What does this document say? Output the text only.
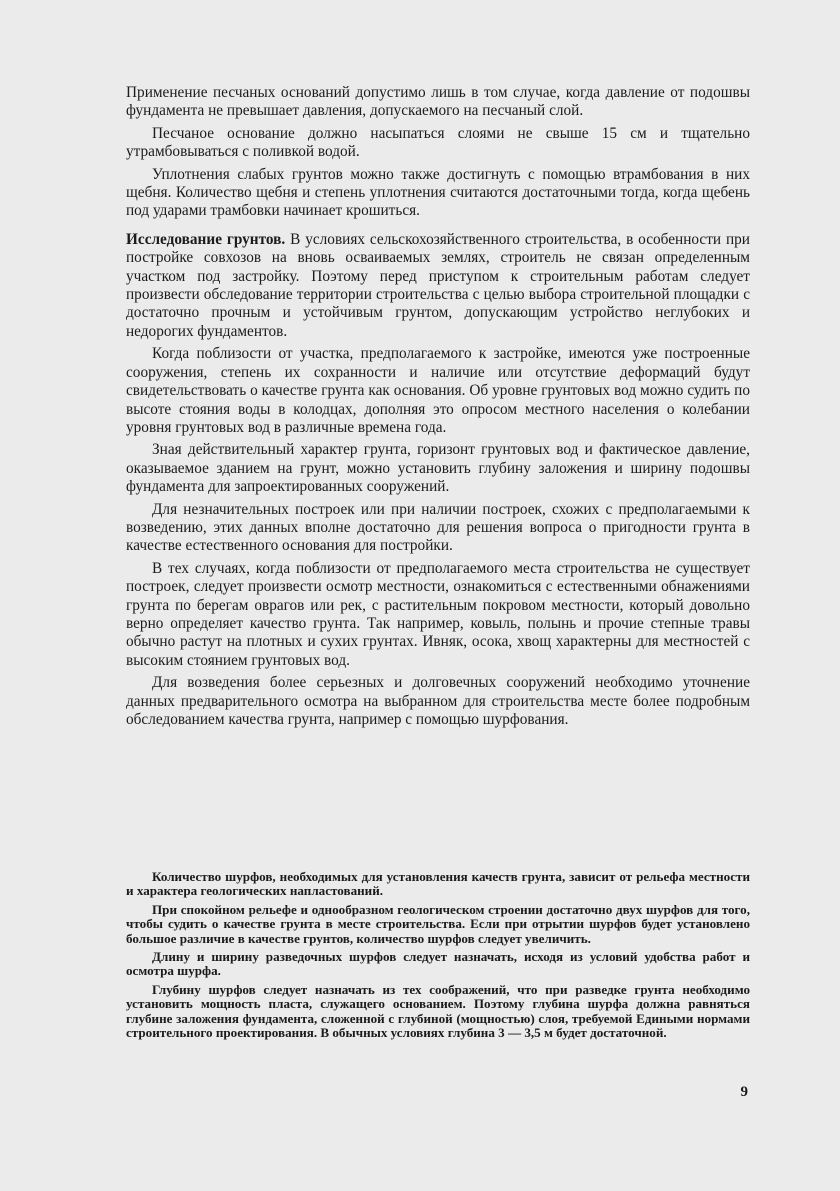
Применение песчаных оснований допустимо лишь в том случае, когда давление от подошвы фундамента не превышает давления, допускаемого на песчаный слой.

Песчаное основание должно насыпаться слоями не свыше 15 см и тщательно утрамбовываться с поливкой водой.

Уплотнения слабых грунтов можно также достигнуть с помощью втрамбования в них щебня. Количество щебня и степень уплотнения считаются достаточными тогда, когда щебень под ударами трамбовки начинает крошиться.

Исследование грунтов. В условиях сельскохозяйственного строительства, в особенности при постройке совхозов на вновь осваиваемых землях, строитель не связан определенным участком под застройку. Поэтому перед приступом к строительным работам следует произвести обследование территории строительства с целью выбора строительной площадки с достаточно прочным и устойчивым грунтом, допускающим устройство неглубоких и недорогих фундаментов.

Когда поблизости от участка, предполагаемого к застройке, имеются уже построенные сооружения, степень их сохранности и наличие или отсутствие деформаций будут свидетельствовать о качестве грунта как основания. Об уровне грунтовых вод можно судить по высоте стояния воды в колодцах, дополняя это опросом местного населения о колебании уровня грунтовых вод в различные времена года.

Зная действительный характер грунта, горизонт грунтовых вод и фактическое давление, оказываемое зданием на грунт, можно установить глубину заложения и ширину подошвы фундамента для запроектированных сооружений.

Для незначительных построек или при наличии построек, схожих с предполагаемыми к возведению, этих данных вполне достаточно для решения вопроса о пригодности грунта в качестве естественного основания для постройки.

В тех случаях, когда поблизости от предполагаемого места строительства не существует построек, следует произвести осмотр местности, ознакомиться с естественными обнажениями грунта по берегам оврагов или рек, с растительным покровом местности, который довольно верно определяет качество грунта. Так например, ковыль, полынь и прочие степные травы обычно растут на плотных и сухих грунтах. Ивняк, осока, хвощ характерны для местностей с высоким стоянием грунтовых вод.

Для возведения более серьезных и долговечных сооружений необходимо уточнение данных предварительного осмотра на выбранном для строительства месте более подробным обследованием качества грунта, например с помощью шурфования.

Количество шурфов, необходимых для установления качеств грунта, зависит от рельефа местности и характера геологических напластований.

При спокойном рельефе и однообразном геологическом строении достаточно двух шурфов для того, чтобы судить о качестве грунта в месте строительства. Если при отрытии шурфов будет установлено большое различие в качестве грунтов, количество шурфов следует увеличить.

Длину и ширину разведочных шурфов следует назначать, исходя из условий удобства работ и осмотра шурфа.

Глубину шурфов следует назначать из тех соображений, что при разведке грунта необходимо установить мощность пласта, служащего основанием. Поэтому глубина шурфа должна равняться глубине заложения фундамента, сложенной с глубиной (мощностью) слоя, требуемой Едиными нормами строительного проектирования. В обычных условиях глубина 3 — 3,5 м будет достаточной.

9
